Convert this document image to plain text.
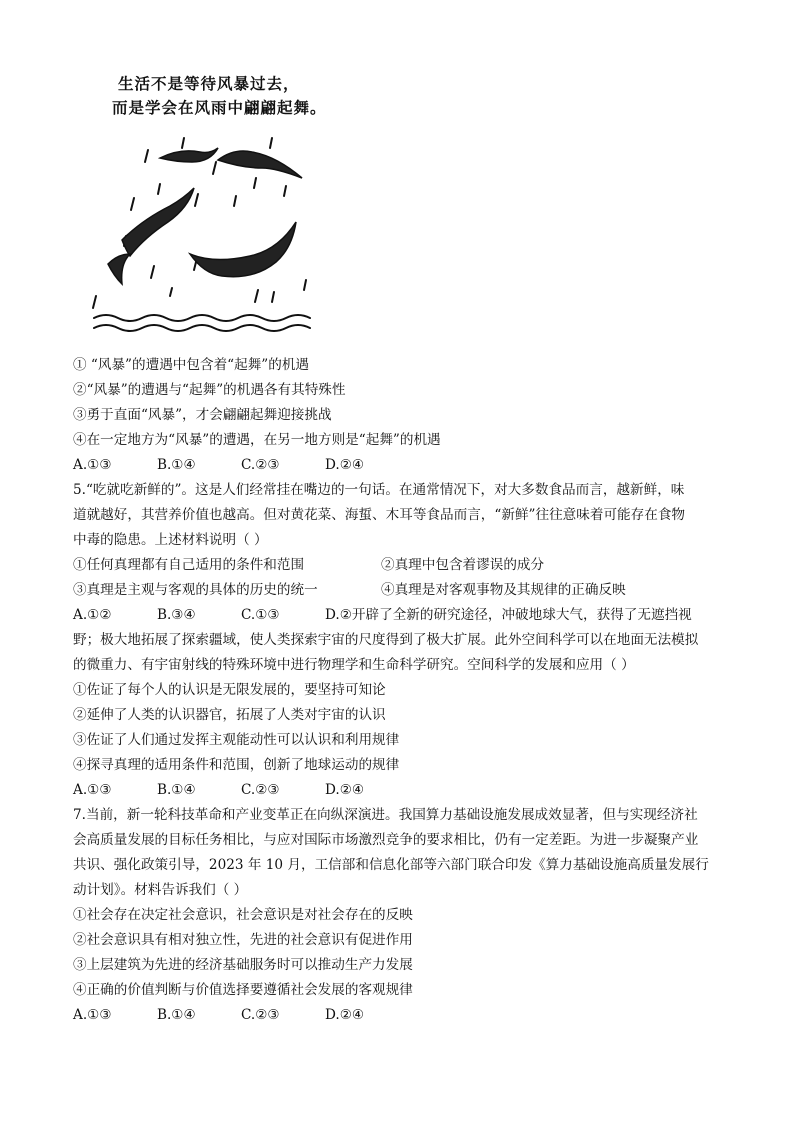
生活不是等待风暴过去，
而是学会在风雨中翩翩起舞。
① “风暴”的遭遇中包含着“起舞”的机遇
②“风暴”的遭遇与“起舞”的机遇各有其特殊性
③勇于直面“风暴”，才会翩翩起舞迎接挑战
④在一定地方为“风暴”的遭遇，在另一地方则是“起舞”的机遇
A.①③	B.①④	C.②③	D.②④
5.“吃就吃新鲜的”。这是人们经常挂在嘴边的一句话。在通常情况下，对大多数食品而言，越新鲜，味
道就越好，其营养价值也越高。但对黄花菜、海蜇、木耳等食品而言，“新鲜”往往意味着可能存在食物
中毒的隐患。上述材料说明（ ）
①任何真理都有自己适用的条件和范围	②真理中包含着谬误的成分
③真理是主观与客观的具体的历史的统一	④真理是对客观事物及其规律的正确反映
A.①②	B.③④	C.①③	D.②开辟了全新的研究途径，冲破地球大气，获得了无遮挡视
野；极大地拓展了探索疆域，使人类探索宇宙的尺度得到了极大扩展。此外空间科学可以在地面无法模拟
的微重力、有宇宙射线的特殊环境中进行物理学和生命科学研究。空间科学的发展和应用（ ）
①佐证了每个人的认识是无限发展的，要坚持可知论
②延伸了人类的认识器官，拓展了人类对宇宙的认识
③佐证了人们通过发挥主观能动性可以认识和利用规律
④探寻真理的适用条件和范围，创新了地球运动的规律
A.①③	B.①④	C.②③	D.②④
7.当前，新一轮科技革命和产业变革正在向纵深演进。我国算力基础设施发展成效显著，但与实现经济社
会高质量发展的目标任务相比，与应对国际市场激烈竞争的要求相比，仍有一定差距。为进一步凝聚产业
共识、强化政策引导，2023 年 10 月，工信部和信息化部等六部门联合印发《算力基础设施高质量发展行
动计划》。材料告诉我们（ ）
①社会存在决定社会意识，社会意识是对社会存在的反映
②社会意识具有相对独立性，先进的社会意识有促进作用
③上层建筑为先进的经济基础服务时可以推动生产力发展
④正确的价值判断与价值选择要遵循社会发展的客观规律
A.①③	B.①④	C.②③	D.②④
